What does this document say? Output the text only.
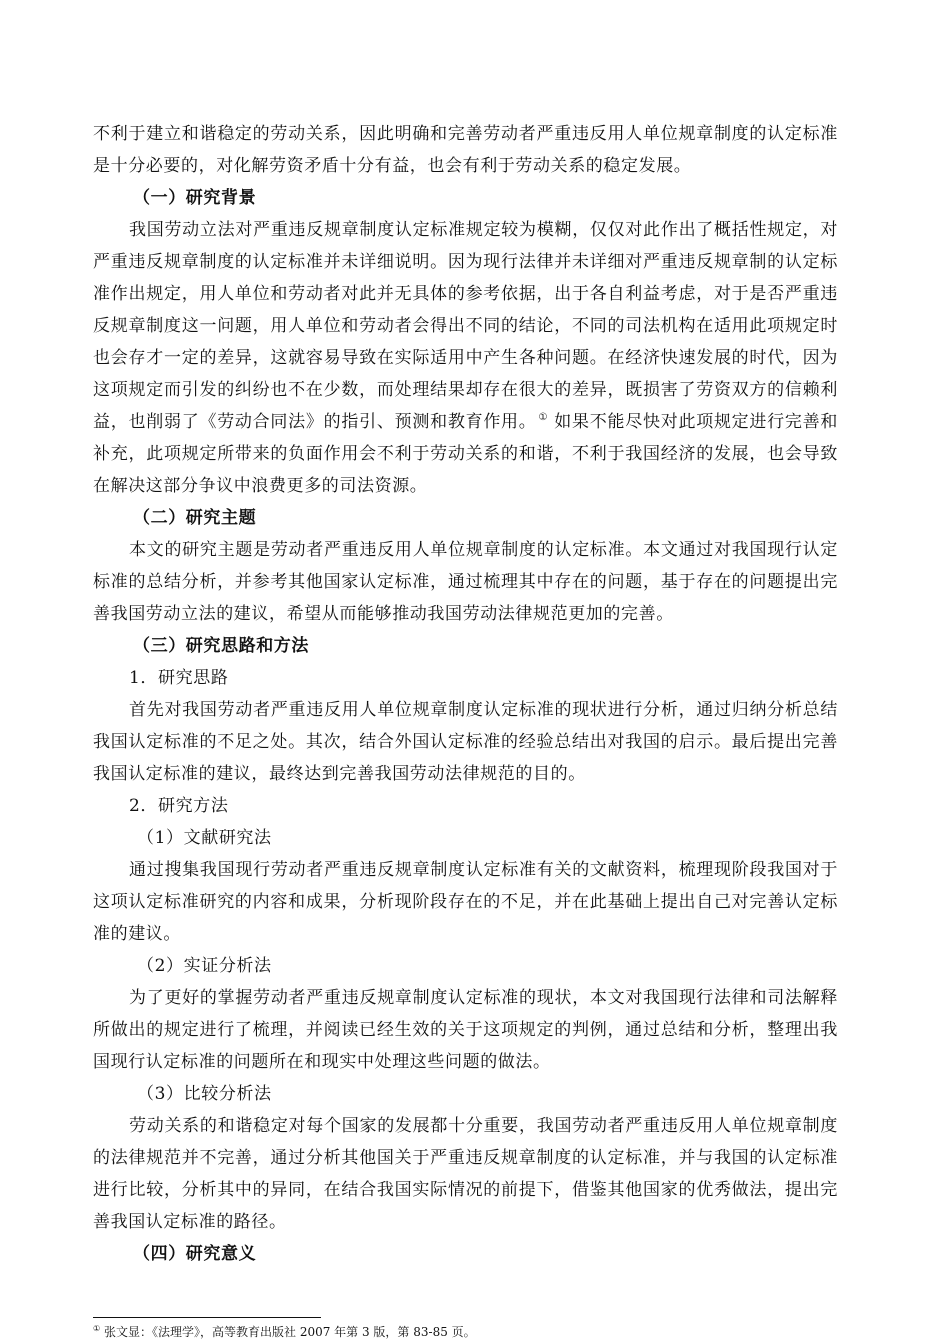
不利于建立和谐稳定的劳动关系，因此明确和完善劳动者严重违反用人单位规章制度的认定标准是十分必要的，对化解劳资矛盾十分有益，也会有利于劳动关系的稳定发展。

（一）研究背景

我国劳动立法对严重违反规章制度认定标准规定较为模糊，仅仅对此作出了概括性规定，对严重违反规章制度的认定标准并未详细说明。因为现行法律并未详细对严重违反规章制的认定标准作出规定，用人单位和劳动者对此并无具体的参考依据，出于各自利益考虑，对于是否严重违反规章制度这一问题，用人单位和劳动者会得出不同的结论，不同的司法机构在适用此项规定时也会存才一定的差异，这就容易导致在实际适用中产生各种问题。在经济快速发展的时代，因为这项规定而引发的纠纷也不在少数，而处理结果却存在很大的差异，既损害了劳资双方的信赖利益，也削弱了《劳动合同法》的指引、预测和教育作用。 ① 如果不能尽快对此项规定进行完善和补充，此项规定所带来的负面作用会不利于劳动关系的和谐，不利于我国经济的发展，也会导致在解决这部分争议中浪费更多的司法资源。

（二）研究主题

本文的研究主题是劳动者严重违反用人单位规章制度的认定标准。本文通过对我国现行认定标准的总结分析，并参考其他国家认定标准，通过梳理其中存在的问题，基于存在的问题提出完善我国劳动立法的建议，希望从而能够推动我国劳动法律规范更加的完善。

（三）研究思路和方法

1．研究思路

首先对我国劳动者严重违反用人单位规章制度认定标准的现状进行分析，通过归纳分析总结我国认定标准的不足之处。其次，结合外国认定标准的经验总结出对我国的启示。最后提出完善我国认定标准的建议，最终达到完善我国劳动法律规范的目的。

2．研究方法

（1）文献研究法

通过搜集我国现行劳动者严重违反规章制度认定标准有关的文献资料，梳理现阶段我国对于这项认定标准研究的内容和成果，分析现阶段存在的不足，并在此基础上提出自己对完善认定标准的建议。

（2）实证分析法

为了更好的掌握劳动者严重违反规章制度认定标准的现状，本文对我国现行法律和司法解释所做出的规定进行了梳理，并阅读已经生效的关于这项规定的判例，通过总结和分析，整理出我国现行认定标准的问题所在和现实中处理这些问题的做法。

（3）比较分析法

劳动关系的和谐稳定对每个国家的发展都十分重要，我国劳动者严重违反用人单位规章制度的法律规范并不完善，通过分析其他国关于严重违反规章制度的认定标准，并与我国的认定标准进行比较，分析其中的异同，在结合我国实际情况的前提下，借鉴其他国家的优秀做法，提出完善我国认定标准的路径。

（四）研究意义
① 张文显：《法理学》，高等教育出版社 2007 年第 3 版，第 83-85 页。
